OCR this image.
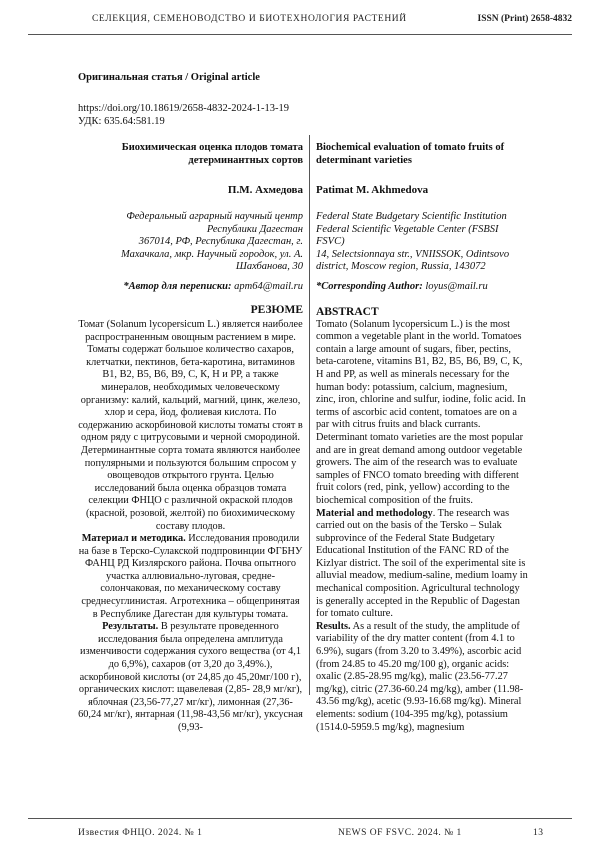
СЕЛЕКЦИЯ, СЕМЕНОВОДСТВО И БИОТЕХНОЛОГИЯ РАСТЕНИЙ	ISSN (Print) 2658-4832
Оригинальная статья / Original article
https://doi.org/10.18619/2658-4832-2024-1-13-19
УДК: 635.64:581.19
Биохимическая оценка плодов томата детерминантных сортов
Biochemical evaluation of tomato fruits of determinant varieties
П.М. Ахмедова Patimat M. Akhmedova
Федеральный аграрный научный центр Республики Дагестан
367014, РФ, Республика Дагестан, г. Махачкала, мкр. Научный городок, ул. А. Шахбанова, 30
Federal State Budgetary Scientific Institution Federal Scientific Vegetable Center (FSBSI FSVC)
14, Selectsionnaya str., VNIISSOK, Odintsovo district, Moscow region, Russia, 143072
*Автор для переписки: apm64@mail.ru *Corresponding Author: loyus@mail.ru
РЕЗЮМЕ

Томат (Solanum lycopersicum L.) является наиболее распространенным овощным растением в мире. Томаты содержат большое количество сахаров, клетчатки, пектинов, бета-каротина, витаминов В1, В2, В5, В6, В9, С, К, Н и РР, а также минералов, необходимых человеческому организму: калий, кальций, магний, цинк, железо, хлор и сера, йод, фолиевая кислота. По содержанию аскорбиновой кислоты томаты стоят в одном ряду с цитрусовыми и черной смородиной. Детерминантные сорта томата являются наиболее популярными и пользуются большим спросом у овощеводов открытого грунта. Целью исследований была оценка образцов томата селекции ФНЦО с различной окраской плодов (красной, розовой, желтой) по биохимическому составу плодов.

Материал и методика. Исследования проводили на базе в Терско-Сулакской подпровинции ФГБНУ ФАНЦ РД Кизлярского района. Почва опытного участка аллювиально-луговая, средне-солончаковая, по механическому составу среднесуглинистая. Агротехника – общепринятая в Республике Дагестан для культуры томата.

Результаты. В результате проведенного исследования была определена амплитуда изменчивости содержания сухого вещества (от 4,1 до 6,9%), сахаров (от 3,20 до 3,49%.), аскорбиновой кислоты (от 24,85 до 45,20мг/100 г), органических кислот: щавелевая (2,85- 28,9 мг/кг), яблочная (23,56-77,27 мг/кг), лимонная (27,36-60,24 мг/кг), янтарная (11,98-43,56 мг/кг), уксусная (9,93-

ABSTRACT

Tomato (Solanum lycopersicum L.) is the most common a vegetable plant in the world. Tomatoes contain a large amount of sugars, fiber, pectins, beta-carotene, vitamins B1, B2, B5, B6, B9, C, K, H and PP, as well as minerals necessary for the human body: potassium, calcium, magnesium, zinc, iron, chlorine and sulfur, iodine, folic acid. In terms of ascorbic acid content, tomatoes are on a par with citrus fruits and black currants. Determinant tomato varieties are the most popular and are in great demand among outdoor vegetable growers. The aim of the research was to evaluate samples of FNCO tomato breeding with different fruit colors (red, pink, yellow) according to the biochemical composition of the fruits.

Material and methodology. The research was carried out on the basis of the Tersko – Sulak subprovince of the Federal State Budgetary Educational Institution of the FANC RD of the Kizlyar district. The soil of the experimental site is alluvial meadow, medium-saline, medium loamy in mechanical composition. Agricultural technology is generally accepted in the Republic of Dagestan for tomato culture.

Results. As a result of the study, the amplitude of variability of the dry matter content (from 4.1 to 6.9%), sugars (from 3.20 to 3.49%), ascorbic acid (from 24.85 to 45.20 mg/100 g), organic acids: oxalic (2.85-28.95 mg/kg), malic (23.56-77.27 mg/kg), citric (27.36-60.24 mg/kg), amber (11.98-43.56 mg/kg), acetic (9.93-16.68 mg/kg). Mineral elements: sodium (104-395 mg/kg), potassium (1514.0-5959.5 mg/kg), magnesium

Известия ФНЦО. 2024. № 1	NEWS OF FSVC. 2024. № 1	13
